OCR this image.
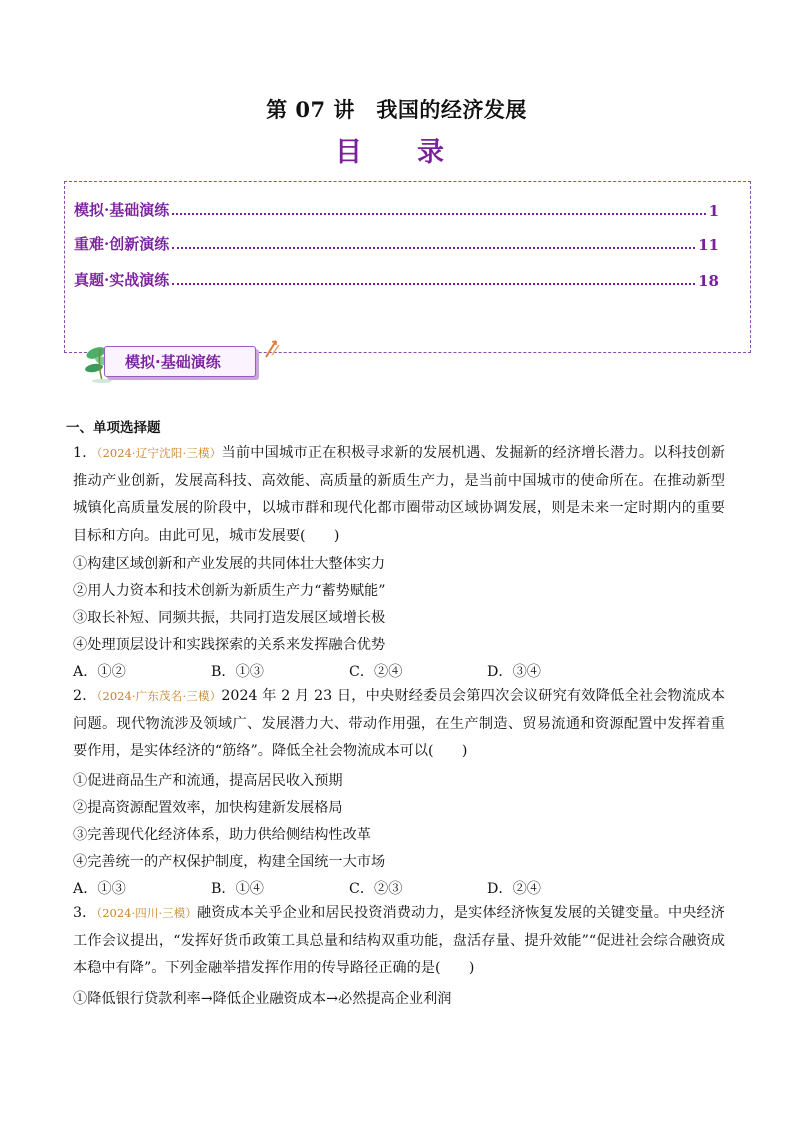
第 07 讲　我国的经济发展
目　录
模拟·基础演练	1
重难·创新演练	11
真题·实战演练	18
模拟·基础演练
一、单项选择题
1．（2024·辽宁沈阳·三模）当前中国城市正在积极寻求新的发展机遇、发掘新的经济增长潜力。以科技创新推动产业创新，发展高科技、高效能、高质量的新质生产力，是当前中国城市的使命所在。在推动新型城镇化高质量发展的阶段中，以城市群和现代化都市圈带动区域协调发展，则是未来一定时期内的重要目标和方向。由此可见，城市发展要(　　)
①构建区域创新和产业发展的共同体壮大整体实力
②用人力资本和技术创新为新质生产力“蓄势赋能”
③取长补短、同频共振，共同打造发展区域增长极
④处理顶层设计和实践探索的关系来发挥融合优势
A．①②	B．①③	C．②④	D．③④
2．（2024·广东茂名·三模）2024 年 2 月 23 日，中央财经委员会第四次会议研究有效降低全社会物流成本问题。现代物流涉及领域广、发展潜力大、带动作用强，在生产制造、贸易流通和资源配置中发挥着重要作用，是实体经济的“筋络”。降低全社会物流成本可以(　　)
①促进商品生产和流通，提高居民收入预期
②提高资源配置效率，加快构建新发展格局
③完善现代化经济体系，助力供给侧结构性改革
④完善统一的产权保护制度，构建全国统一大市场
A．①③	B．①④	C．②③	D．②④
3．（2024·四川·三模）融资成本关乎企业和居民投资消费动力，是实体经济恢复发展的关键变量。中央经济工作会议提出，“发挥好货币政策工具总量和结构双重功能，盘活存量、提升效能”“促进社会综合融资成本稳中有降”。下列金融举措发挥作用的传导路径正确的是(　　)
①降低银行贷款利率→降低企业融资成本→必然提高企业利润
